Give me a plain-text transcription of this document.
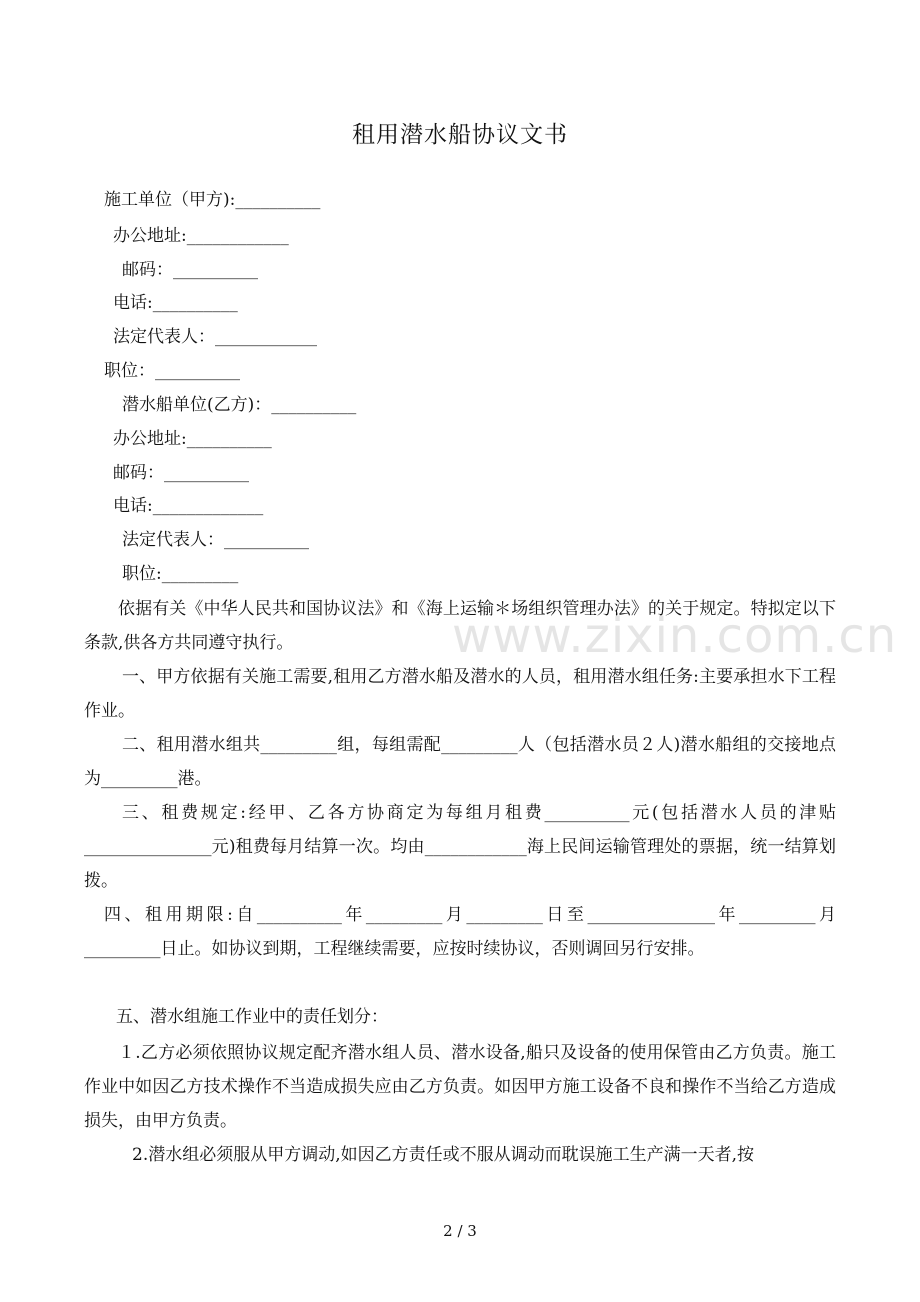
租用潜水船协议文书
施工单位（甲方):__________
办公地址:____________
邮码：__________
电话:__________
法定代表人：____________
职位：__________
潜水船单位(乙方)：__________
办公地址:__________
邮码：__________
电话:_____________
法定代表人：__________
职位:_________
www.zixin.com.cn
依据有关《中华人民共和国协议法》和《海上运输＊场组织管理办法》的关于规定。特拟定以下条款,供各方共同遵守执行。
一、甲方依据有关施工需要,租用乙方潜水船及潜水的人员，租用潜水组任务:主要承担水下工程作业。
二、租用潜水组共_________组，每组需配_________人（包括潜水员２人)潜水船组的交接地点为_________港。
三、租费规定:经甲、乙各方协商定为每组月租费__________元(包括潜水人员的津贴_______________元)租费每月结算一次。均由____________海上民间运输管理处的票据，统一结算划拨。
四、租用期限:自__________年_________月_________日至_______________年_________月_________日止。如协议到期，工程继续需要，应按时续协议，否则调回另行安排。
五、潜水组施工作业中的责任划分：
１.乙方必须依照协议规定配齐潜水组人员、潜水设备,船只及设备的使用保管由乙方负责。施工作业中如因乙方技术操作不当造成损失应由乙方负责。如因甲方施工设备不良和操作不当给乙方造成损失，由甲方负责。
2.潜水组必须服从甲方调动,如因乙方责任或不服从调动而耽误施工生产满一天者,按
2 / 3
